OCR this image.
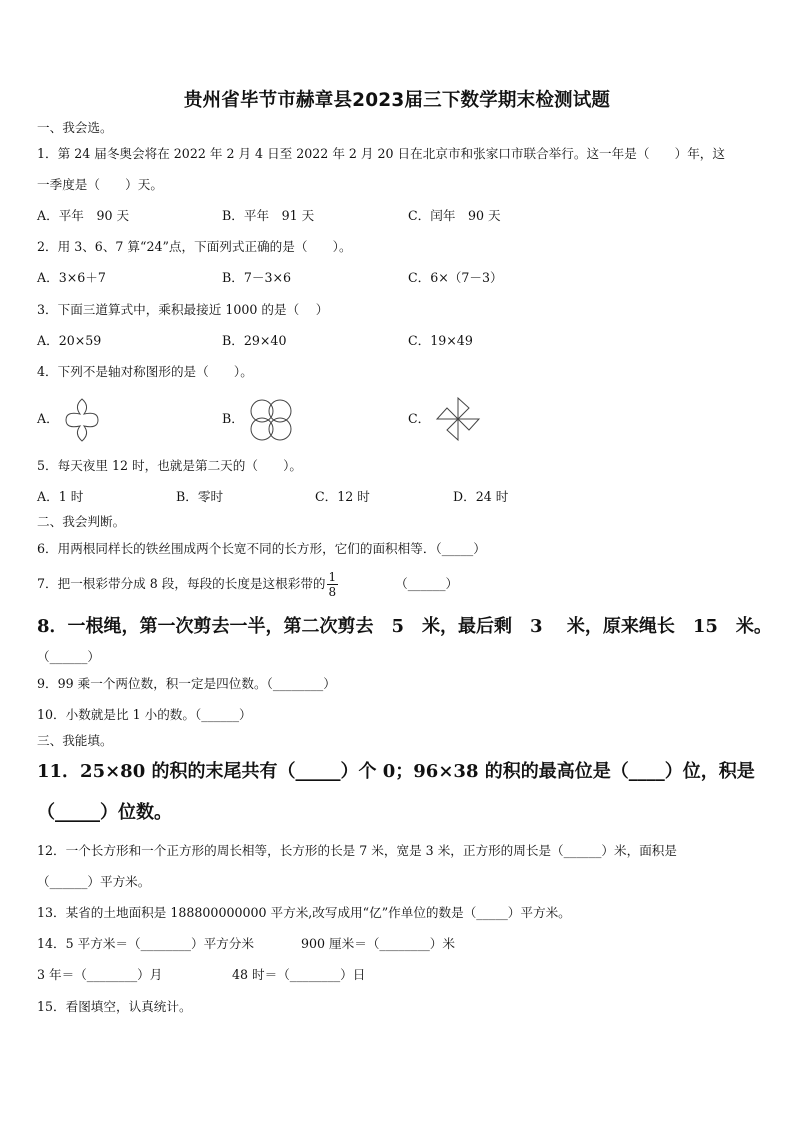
贵州省毕节市赫章县2023届三下数学期末检测试题
一、我会选。
1．第 24 届冬奥会将在 2022 年 2 月 4 日至 2022 年 2 月 20 日在北京市和张家口市联合举行。这一年是（　　）年，这
一季度是（　　）天。
A．平年　90 天	B．平年　91 天	C．闰年　90 天
2．用 3、6、7 算“24”点，下面列式正确的是（　　）。
A．3×6＋7	B．7－3×6	C．6×（7－3）
3．下面三道算式中，乘积最接近 1000 的是（　 ）
A．20×59	B．29×40	C．19×49
4．下列不是轴对称图形的是（　　）。
A．	B．	C．
5．每天夜里 12 时，也就是第二天的（　　）。
A．1 时	B．零时	C．12 时	D．24 时
二、我会判断。
6．用两根同样长的铁丝围成两个长宽不同的长方形，它们的面积相等．（_____）
7．把一根彩带分成 8 段，每段的长度是这根彩带的 $\frac{1}{8}$	（______）
8．一根绳，第一次剪去一半，第二次剪去　5　米，最后剩　3　 米，原来绳长　15　米。
（______）
9．99 乘一个两位数，积一定是四位数。（________）
10．小数就是比 1 小的数。（______）
三、我能填。
11．25×80 的积的末尾共有（_____）个 0；96×38 的积的最高位是（____）位，积是
（_____）位数。
12．一个长方形和一个正方形的周长相等，长方形的长是 7 米，宽是 3 米，正方形的周长是（______）米，面积是
（______）平方米。
13．某省的土地面积是 188800000000 平方米,改写成用“亿”作单位的数是（_____）平方米。
14．5 平方米＝（________）平方分米	900 厘米＝（________）米
3 年＝（________）月	48 时＝（________）日
15．看图填空，认真统计。
